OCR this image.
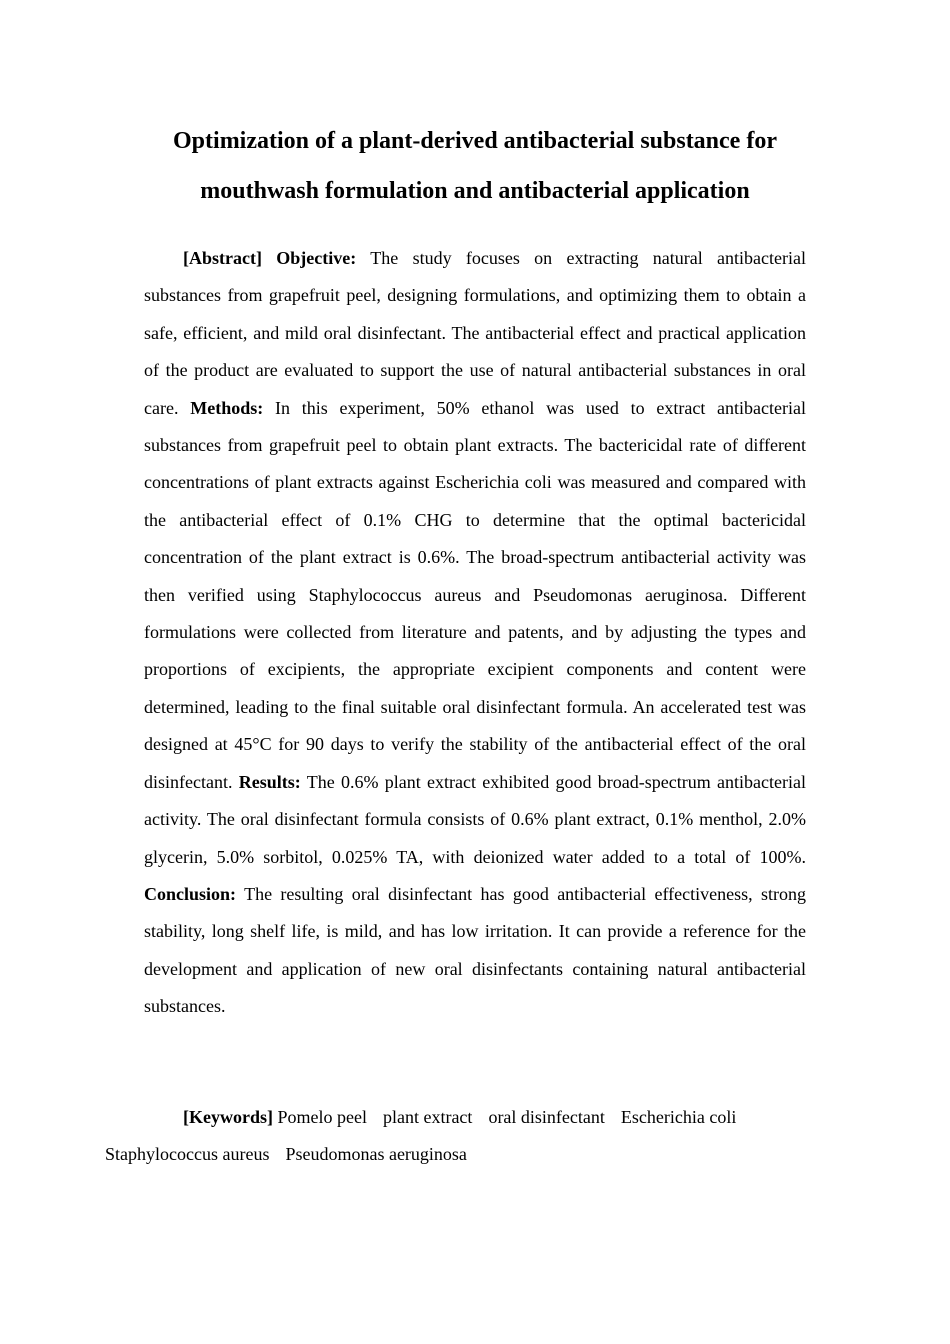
Optimization of a plant-derived antibacterial substance for
mouthwash formulation and antibacterial application

[Abstract] Objective: The study focuses on extracting natural antibacterial substances from grapefruit peel, designing formulations, and optimizing them to obtain a safe, efficient, and mild oral disinfectant. The antibacterial effect and practical application of the product are evaluated to support the use of natural antibacterial substances in oral care. Methods: In this experiment, 50% ethanol was used to extract antibacterial substances from grapefruit peel to obtain plant extracts. The bactericidal rate of different concentrations of plant extracts against Escherichia coli was measured and compared with the antibacterial effect of 0.1% CHG to determine that the optimal bactericidal concentration of the plant extract is 0.6%. The broad-spectrum antibacterial activity was then verified using Staphylococcus aureus and Pseudomonas aeruginosa. Different formulations were collected from literature and patents, and by adjusting the types and proportions of excipients, the appropriate excipient components and content were determined, leading to the final suitable oral disinfectant formula. An accelerated test was designed at 45°C for 90 days to verify the stability of the antibacterial effect of the oral disinfectant. Results: The 0.6% plant extract exhibited good broad-spectrum antibacterial activity. The oral disinfectant formula consists of 0.6% plant extract, 0.1% menthol, 2.0% glycerin, 5.0% sorbitol, 0.025% TA, with deionized water added to a total of 100%. Conclusion: The resulting oral disinfectant has good antibacterial effectiveness, strong stability, long shelf life, is mild, and has low irritation. It can provide a reference for the development and application of new oral disinfectants containing natural antibacterial substances.

[Keywords] Pomelo peel plant extract oral disinfectant Escherichia coli
Staphylococcus aureus Pseudomonas aeruginosa
